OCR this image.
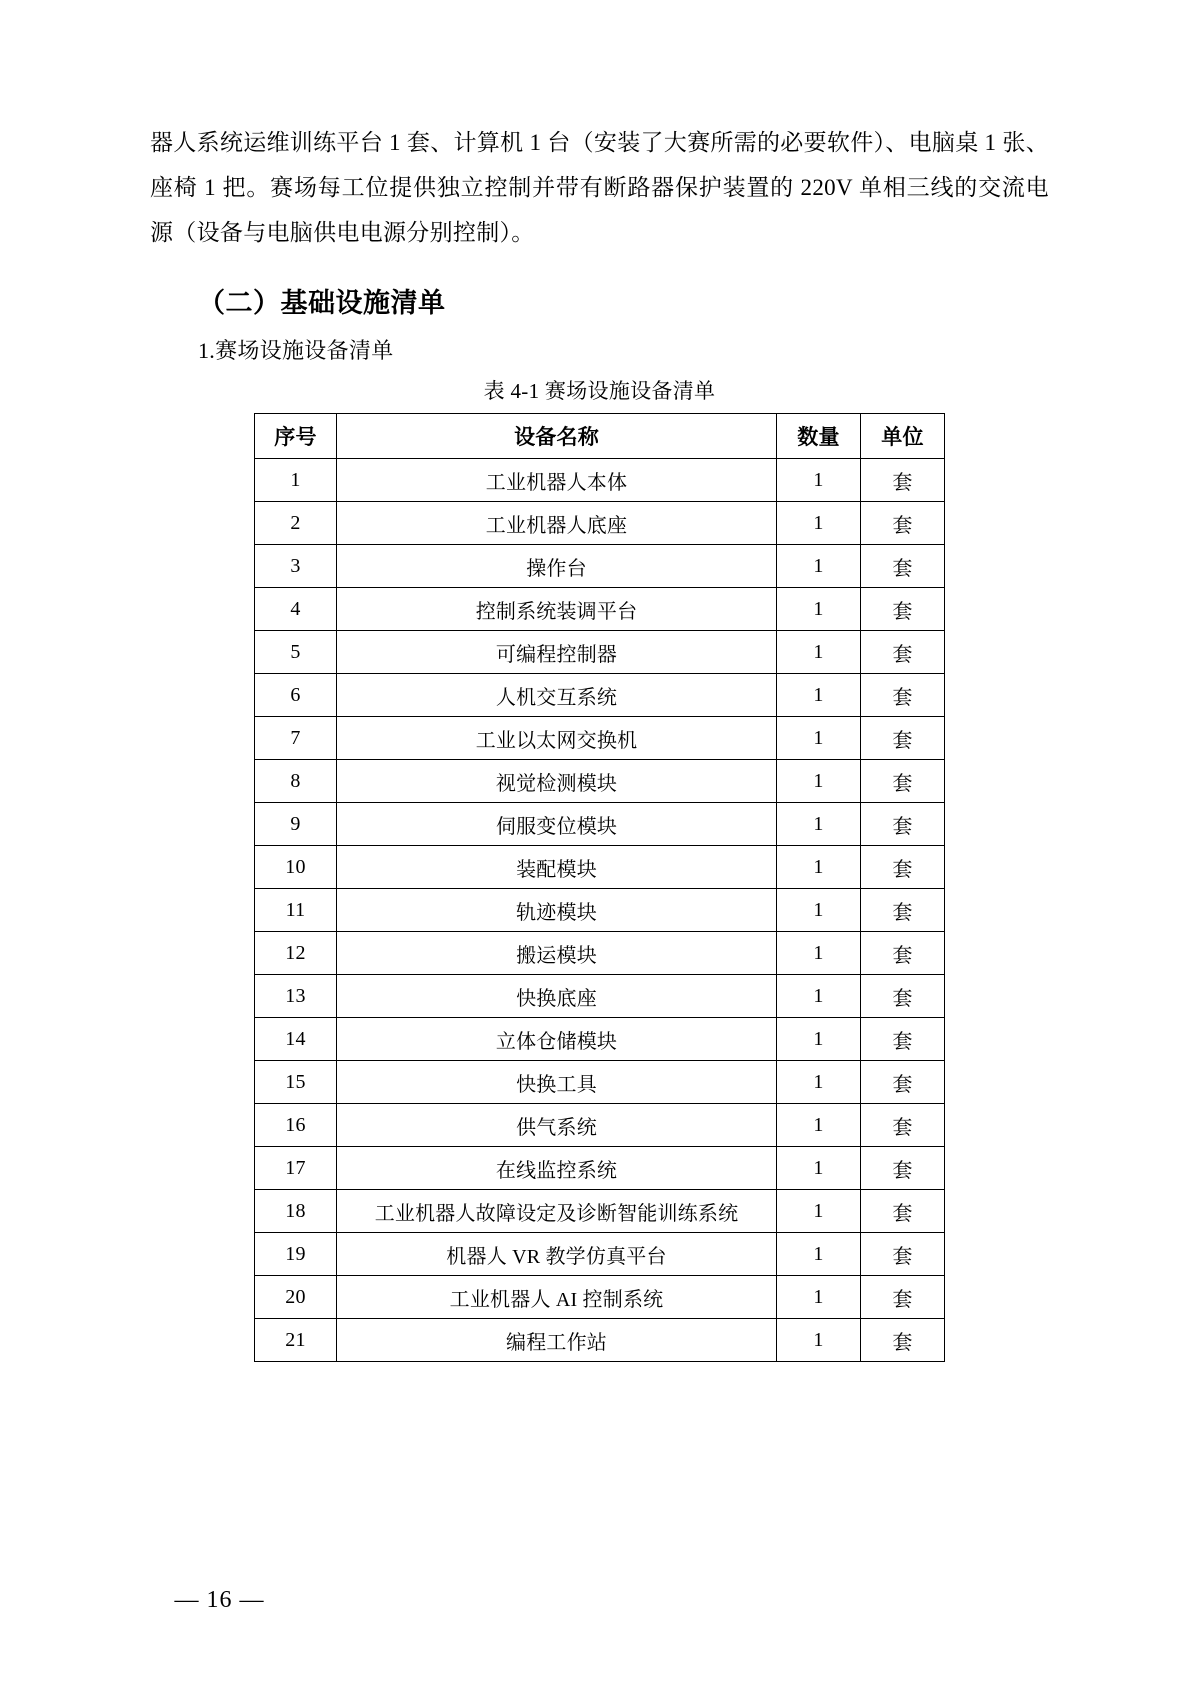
器人系统运维训练平台 1 套、计算机 1 台（安装了大赛所需的必要软件）、电脑桌 1 张、座椅 1 把。赛场每工位提供独立控制并带有断路器保护装置的 220V 单相三线的交流电源（设备与电脑供电电源分别控制）。

（二）基础设施清单

1.赛场设施设备清单

表 4-1 赛场设施设备清单

序号	设备名称	数量	单位
1	工业机器人本体	1	套
2	工业机器人底座	1	套
3	操作台	1	套
4	控制系统装调平台	1	套
5	可编程控制器	1	套
6	人机交互系统	1	套
7	工业以太网交换机	1	套
8	视觉检测模块	1	套
9	伺服变位模块	1	套
10	装配模块	1	套
11	轨迹模块	1	套
12	搬运模块	1	套
13	快换底座	1	套
14	立体仓储模块	1	套
15	快换工具	1	套
16	供气系统	1	套
17	在线监控系统	1	套
18	工业机器人故障设定及诊断智能训练系统	1	套
19	机器人 VR 教学仿真平台	1	套
20	工业机器人 AI 控制系统	1	套
21	编程工作站	1	套
— 16 —
